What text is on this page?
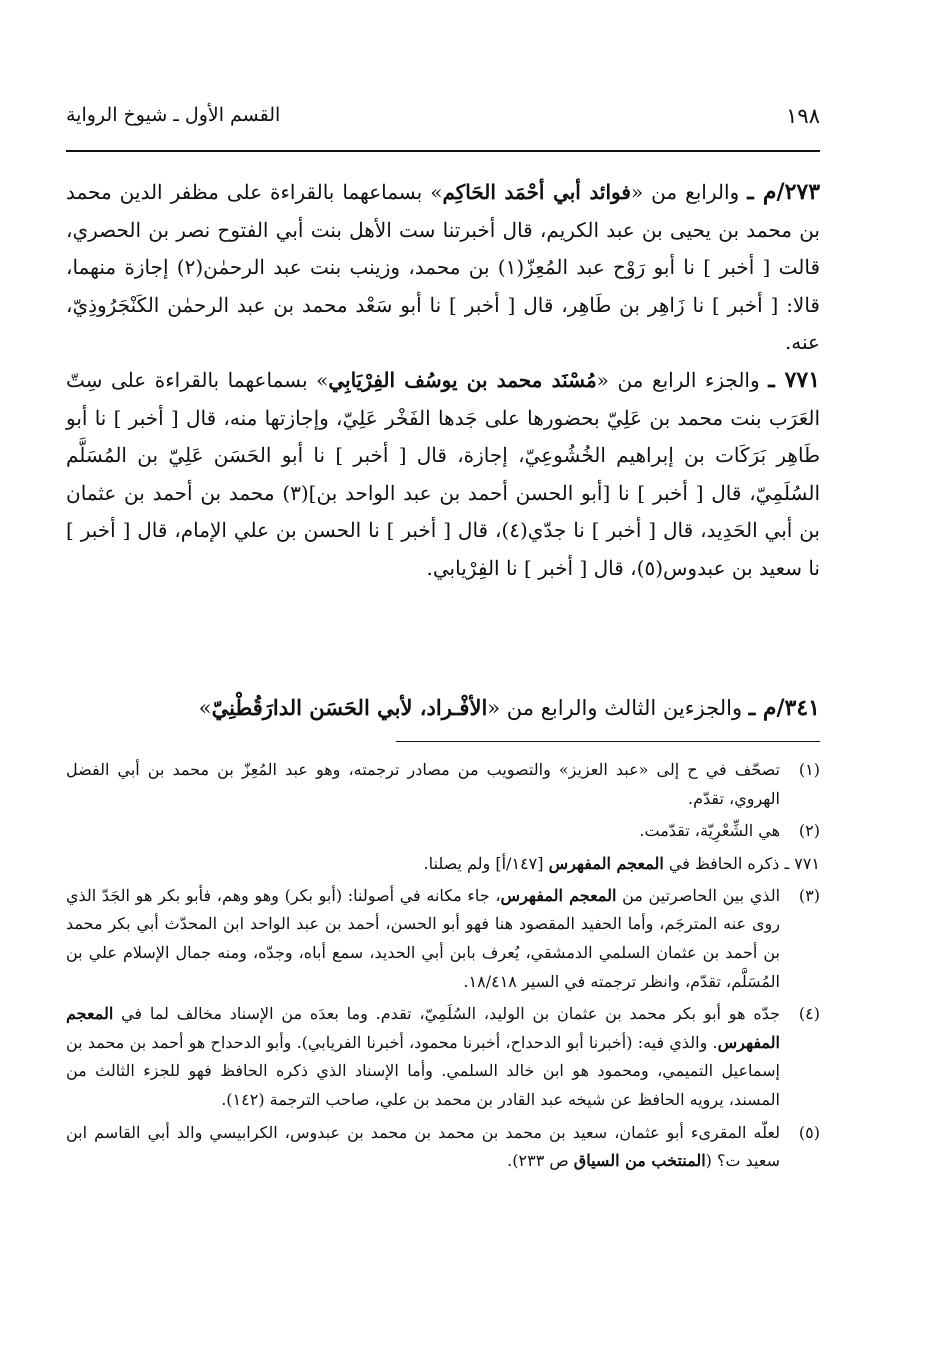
١٩٨
القسم الأول ـ شيوخ الرواية

٢٧٣/م ـ والرابع من «فوائد أبي أحْمَد الحَاكِم» بسماعهما بالقراءة على مظفر الدين محمد بن محمد بن يحيى بن عبد الكريم، قال أخبرتنا ست الأهل بنت أبي الفتوح نصر بن الحصري، قالت [ أخبر ] نا أبو رَوْح عبد المُعِزّ(١) بن محمد، وزينب بنت عبد الرحمٰن(٢) إجازة منهما، قالا: [ أخبر ] نا زَاهِر بن طَاهِر، قال [ أخبر ] نا أبو سَعْد محمد بن عبد الرحمٰن الكَنْجَرُوذِيّ، عنه.

٧٧١ ـ والجزء الرابع من «مُسْنَد محمد بن يوسُف الفِرْيَابِي» بسماعهما بالقراءة على سِتّ العَرَب بنت محمد بن عَلِيّ بحضورها على جَدها الفَخْر عَلِيّ، وإجازتها منه، قال [ أخبر ] نا أبو طَاهِر بَرَكَات بن إبراهيم الخُشُوعِيّ، إجازة، قال [ أخبر ] نا أبو الحَسَن عَلِيّ بن المُسَلَّم السُلَمِيّ، قال [ أخبر ] نا [أبو الحسن أحمد بن عبد الواحد بن](٣) محمد بن أحمد بن عثمان بن أبي الحَدِيد، قال [ أخبر ] نا جدّي(٤)، قال [ أخبر ] نا الحسن بن علي الإمام، قال [ أخبر ] نا سعيد بن عبدوس(٥)، قال [ أخبر ] نا الفِرْيابي.

٣٤١/م ـ والجزءين الثالث والرابع من «الأفْـراد، لأبي الحَسَن الدارَقُطْنِيّ»
(١)
تصحّف في ح إلى «عبد العزيز» والتصويب من مصادر ترجمته، وهو عبد المُعِزّ بن محمد بن أبي الفضل الهروي، تقدّم.
(٢)
هي الشِّعْرِيّة، تقدّمت.
٧٧١ ـ ذكره الحافظ في المعجم المفهرس [١٤٧/أ] ولم يصلنا.
(٣)
الذي بين الحاصرتين من المعجم المفهرس، جاء مكانه في أصولنا: (أبو بكر) وهو وهم، فأبو بكر هو الجَدّ الذي روى عنه المترجَم، وأما الحفيد المقصود هنا فهو أبو الحسن، أحمد بن عبد الواحد ابن المحدّث أبي بكر محمد بن أحمد بن عثمان السلمي الدمشقي، يُعرف بابن أبي الحديد، سمع أباه، وجدّه، ومنه جمال الإسلام علي بن المُسَلَّم، تقدّم، وانظر ترجمته في السير ١٨/٤١٨.
(٤)
جدّه هو أبو بكر محمد بن عثمان بن الوليد، السُلَمِيّ، تقدم. وما بعدَه من الإسناد مخالف لما في المعجم المفهرس. والذي فيه: (أخبرنا أبو الدحداح، أخبرنا محمود، أخبرنا الفريابي). وأبو الدحداح هو أحمد بن محمد بن إسماعيل التميمي، ومحمود هو ابن خالد السلمي. وأما الإسناد الذي ذكره الحافظ فهو للجزء الثالث من المسند، يرويه الحافظ عن شيخه عبد القادر بن محمد بن علي، صاحب الترجمة (١٤٢).
(٥)
لعلّه المقرىء أبو عثمان، سعيد بن محمد بن محمد بن محمد بن عبدوس، الكرابيسي والد أبي القاسم ابن سعيد ت؟ (المنتخب من السياق ص ٢٣٣).
